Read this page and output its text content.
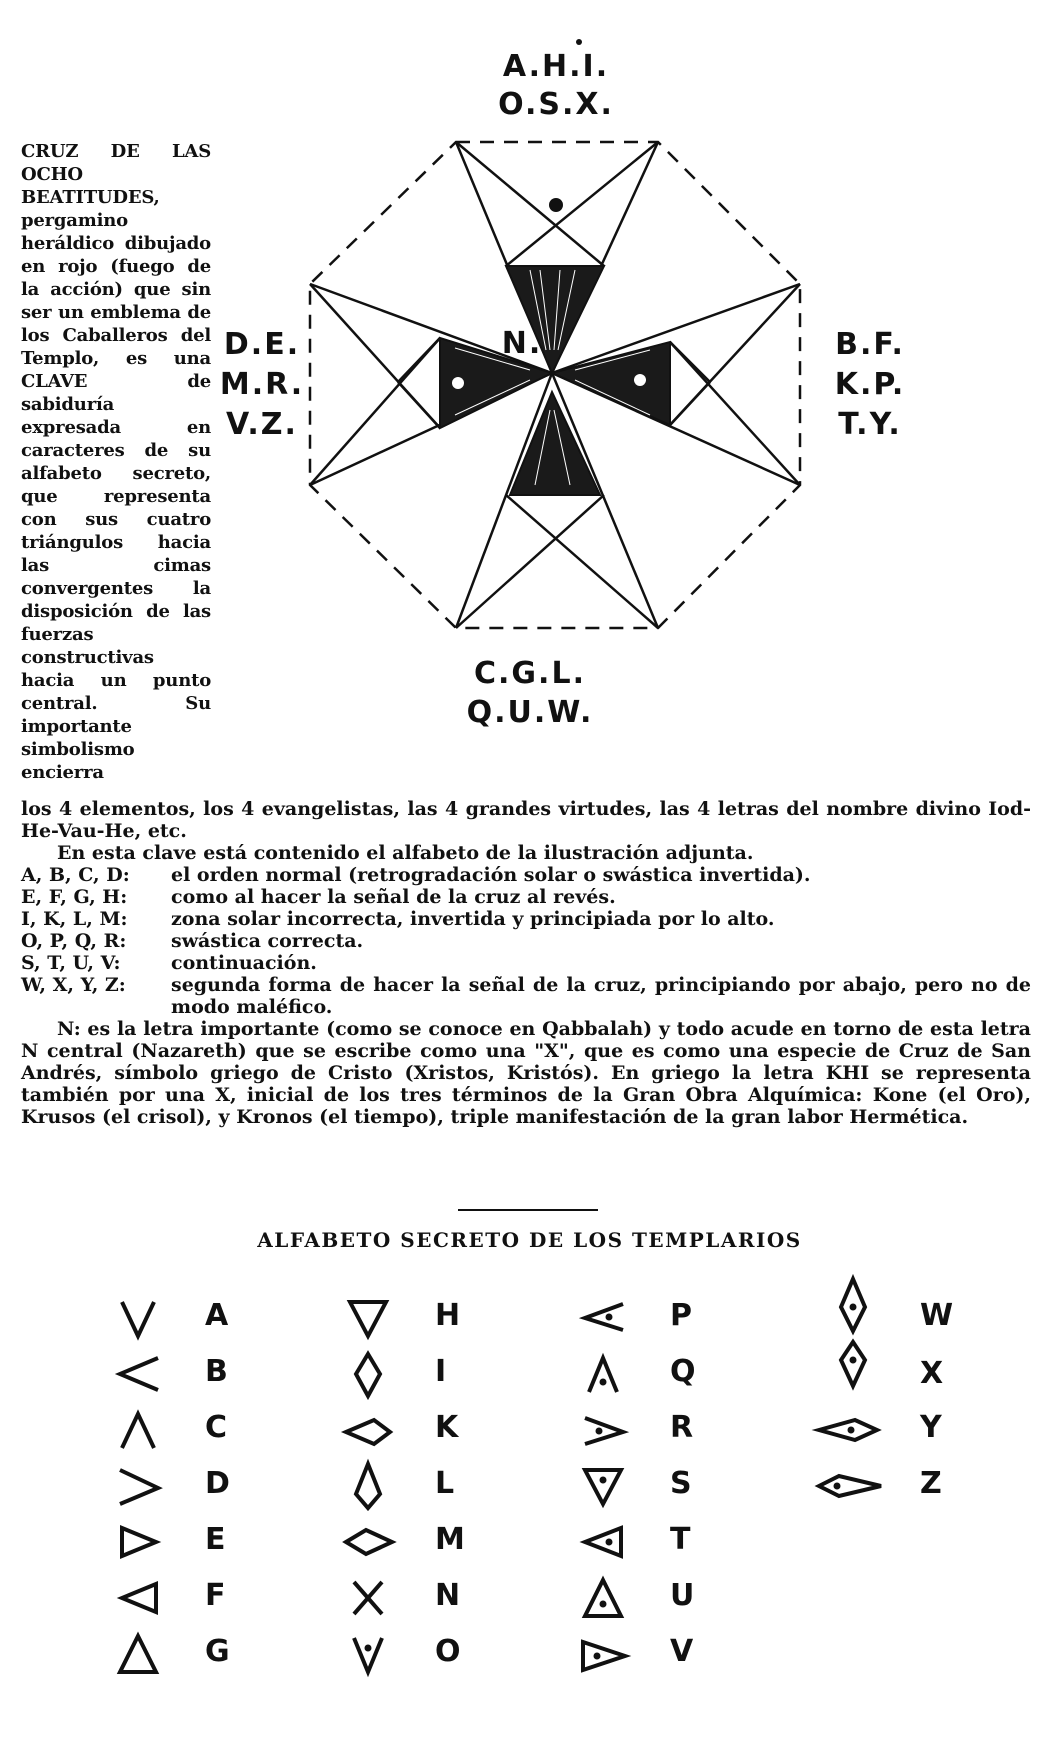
CRUZ DE LAS OCHO BEATITUDES, pergamino heráldico dibujado en rojo (fuego de la acción) que sin ser un emblema de los Caballeros del Templo, es una CLAVE de sabiduría expresada en caracteres de su alfabeto secreto, que representa con sus cuatro triángulos hacia las cimas convergentes la disposición de las fuerzas constructivas hacia un punto central. Su importante simbolismo encierra
A.H.I.
O.S.X.
B.F.
K.P.
T.Y.
C.G.L.
Q.U.W.
D.E.
M.R.
V.Z.
N.

los 4 elementos, los 4 evangelistas, las 4 grandes virtudes, las 4 letras del nombre divino Iod-He-Vau-He, etc.

En esta clave está contenido el alfabeto de la ilustración adjunta.

A, B, C, D:	el orden normal (retrogradación solar o swástica invertida).
E, F, G, H:	como al hacer la señal de la cruz al revés.
I, K, L, M:	zona solar incorrecta, invertida y principiada por lo alto.
O, P, Q, R:	swástica correcta.
S, T, U, V:	continuación.
W, X, Y, Z:	segunda forma de hacer la señal de la cruz, principiando por abajo, pero no de modo maléfico.

N: es la letra importante (como se conoce en Qabbalah) y todo acude en torno de esta letra N central (Nazareth) que se escribe como una "X", que es como una especie de Cruz de San Andrés, símbolo griego de Cristo (Xristos, Kristós). En griego la letra KHI se representa también por una X, inicial de los tres términos de la Gran Obra Alquímica: Kone (el Oro), Krusos (el crisol), y Kronos (el tiempo), triple manifestación de la gran labor Hermética.

ALFABETO SECRETO DE LOS TEMPLARIOS
A
B
C
D
E
F
G
H
I
K
L
M
N
O
P
Q
R
S
T
U
V
W
X
Y
Z
